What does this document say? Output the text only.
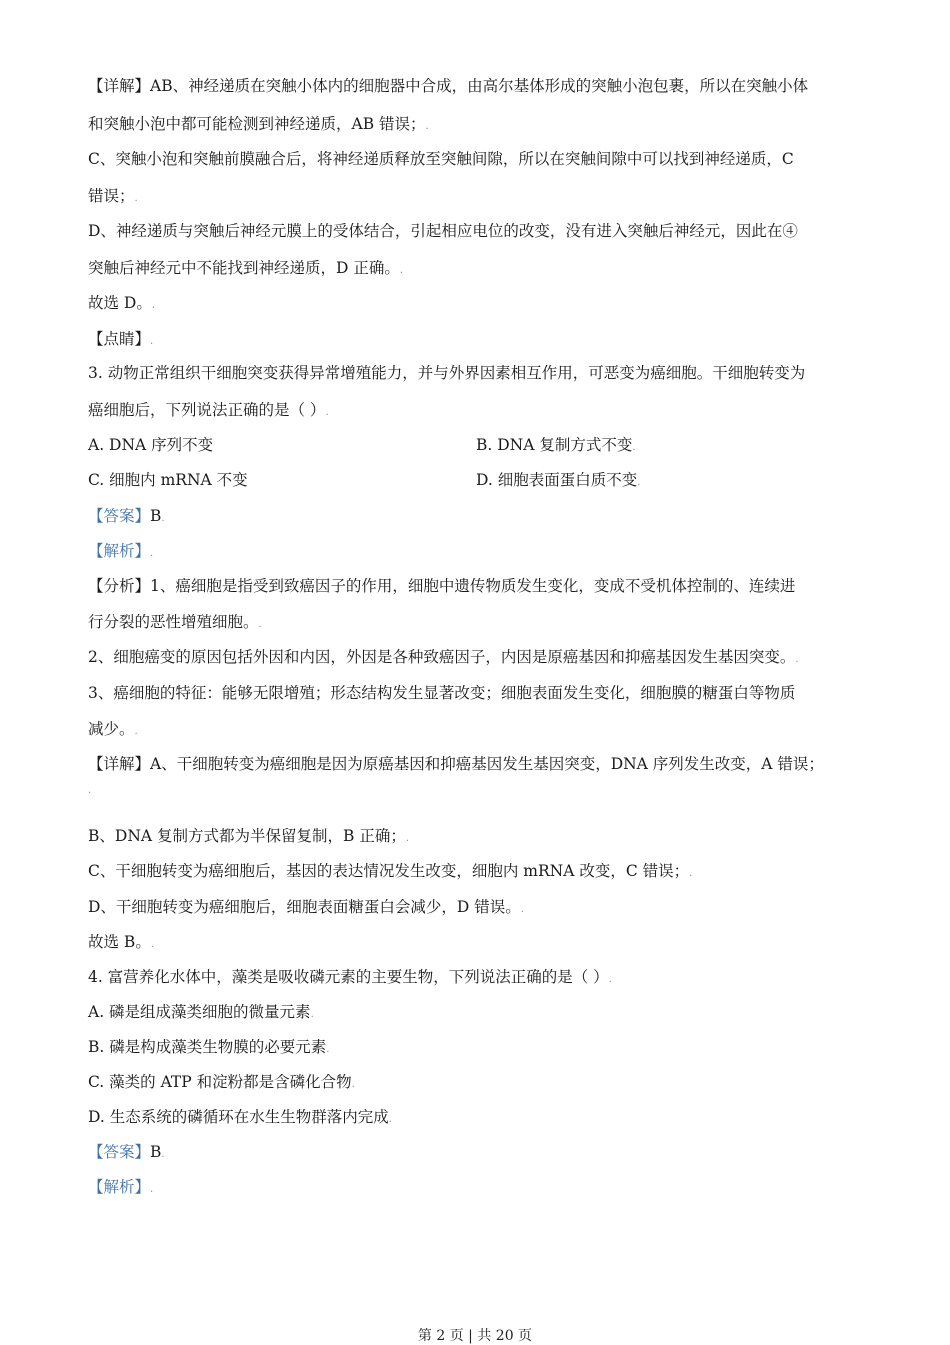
【详解】AB、神经递质在突触小体内的细胞器中合成，由高尔基体形成的突触小泡包裹，所以在突触小体
和突触小泡中都可能检测到神经递质，AB 错误；.
C、突触小泡和突触前膜融合后，将神经递质释放至突触间隙，所以在突触间隙中可以找到神经递质，C
错误；.
D、神经递质与突触后神经元膜上的受体结合，引起相应电位的改变，没有进入突触后神经元，因此在④
突触后神经元中不能找到神经递质，D 正确。.
故选 D。.
【点睛】.
3. 动物正常组织干细胞突变获得异常增殖能力，并与外界因素相互作用，可恶变为癌细胞。干细胞转变为
癌细胞后，下列说法正确的是（ ）.
A. DNA 序列不变	B. DNA 复制方式不变.
C. 细胞内 mRNA 不变	D. 细胞表面蛋白质不变.
【答案】B.
【解析】.
【分析】1、癌细胞是指受到致癌因子的作用，细胞中遗传物质发生变化，变成不受机体控制的、连续进
行分裂的恶性增殖细胞。.
2、细胞癌变的原因包括外因和内因，外因是各种致癌因子，内因是原癌基因和抑癌基因发生基因突变。.
3、癌细胞的特征：能够无限增殖；形态结构发生显著改变；细胞表面发生变化，细胞膜的糖蛋白等物质
减少。.
【详解】A、干细胞转变为癌细胞是因为原癌基因和抑癌基因发生基因突变，DNA 序列发生改变，A 错误；
.
B、DNA 复制方式都为半保留复制，B 正确；.
C、干细胞转变为癌细胞后，基因的表达情况发生改变，细胞内 mRNA 改变，C 错误；.
D、干细胞转变为癌细胞后，细胞表面糖蛋白会减少，D 错误。.
故选 B。.
4. 富营养化水体中，藻类是吸收磷元素的主要生物，下列说法正确的是（ ）.
A. 磷是组成藻类细胞的微量元素.
B. 磷是构成藻类生物膜的必要元素.
C. 藻类的 ATP 和淀粉都是含磷化合物.
D. 生态系统的磷循环在水生生物群落内完成.
【答案】B.
【解析】.
第 2 页 | 共 20 页
